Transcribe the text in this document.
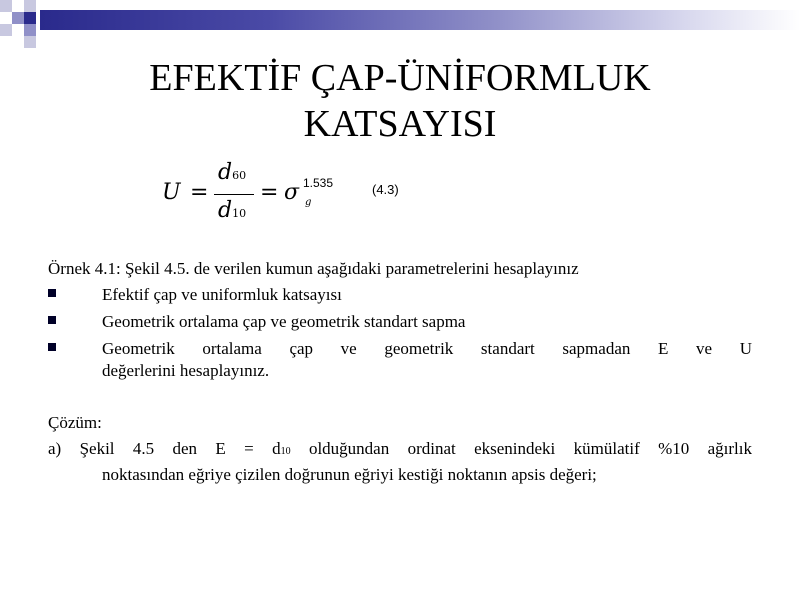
EFEKTİF ÇAP-ÜNİFORMLUK
KATSAYISI
U =
d60
d10
= σ 1.535
g
(4.3)
Örnek 4.1: Şekil 4.5. de verilen kumun aşağıdaki parametrelerini hesaplayınız
Efektif çap ve uniformluk katsayısı
Geometrik ortalama çap ve geometrik standart sapma
Geometrik ortalama çap ve geometrik standart sapmadan E ve U
değerlerini hesaplayınız.
Çözüm:
a) Şekil 4.5 den E = d10 olduğundan ordinat eksenindeki kümülatif %10 ağırlık
noktasından eğriye çizilen doğrunun eğriyi kestiği noktanın apsis değeri;
